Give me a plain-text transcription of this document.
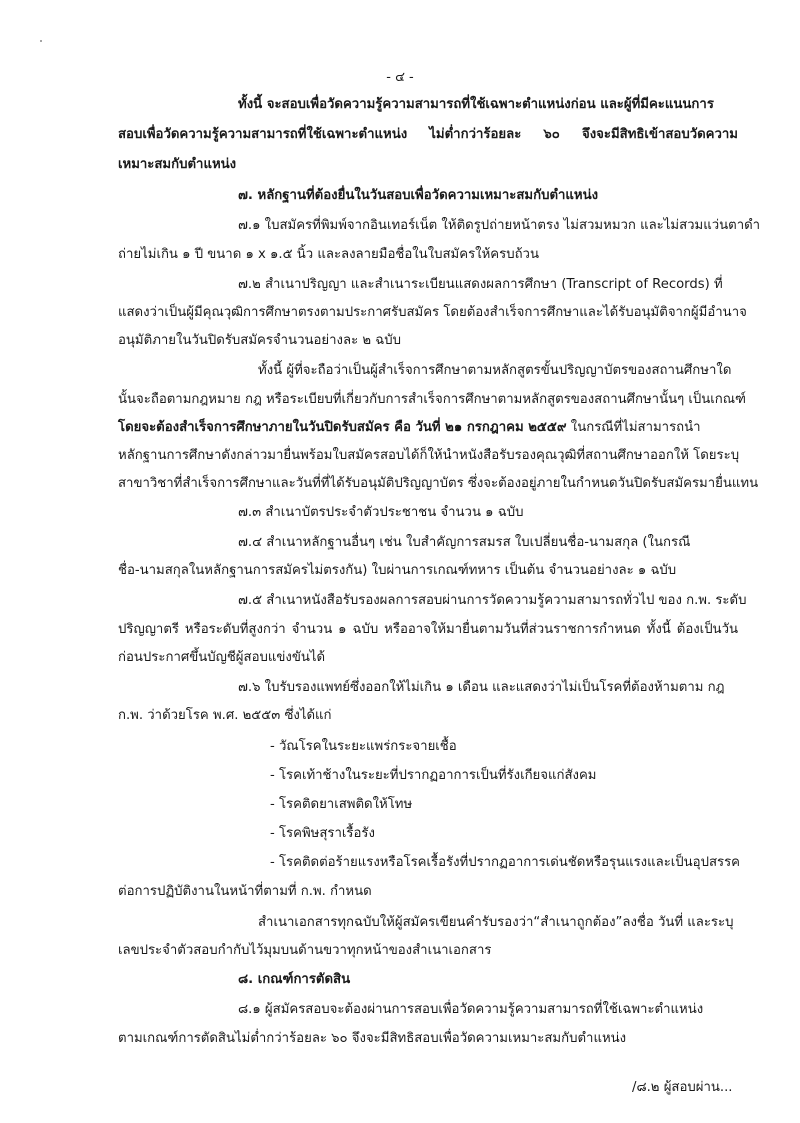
- ๔ -
ทั้งนี้ จะสอบเพื่อวัดความรู้ความสามารถที่ใช้เฉพาะตำแหน่งก่อน และผู้ที่มีคะแนนการ
สอบเพื่อวัดความรู้ความสามารถที่ใช้เฉพาะตำแหน่ง ไม่ต่ำกว่าร้อยละ ๖๐ จึงจะมีสิทธิเข้าสอบวัดความ
เหมาะสมกับตำแหน่ง
๗. หลักฐานที่ต้องยื่นในวันสอบเพื่อวัดความเหมาะสมกับตำแหน่ง
๗.๑ ใบสมัครที่พิมพ์จากอินเทอร์เน็ต ให้ติดรูปถ่ายหน้าตรง ไม่สวมหมวก และไม่สวมแว่นตาดำ
ถ่ายไม่เกิน ๑ ปี ขนาด ๑ x ๑.๕ นิ้ว และลงลายมือชื่อในใบสมัครให้ครบถ้วน
๗.๒ สำเนาปริญญา และสำเนาระเบียนแสดงผลการศึกษา (Transcript of Records) ที่
แสดงว่าเป็นผู้มีคุณวุฒิการศึกษาตรงตามประกาศรับสมัคร โดยต้องสำเร็จการศึกษาและได้รับอนุมัติจากผู้มีอำนาจ
อนุมัติภายในวันปิดรับสมัครจำนวนอย่างละ ๒ ฉบับ
ทั้งนี้ ผู้ที่จะถือว่าเป็นผู้สำเร็จการศึกษาตามหลักสูตรขั้นปริญญาบัตรของสถานศึกษาใด
นั้นจะถือตามกฎหมาย กฎ หรือระเบียบที่เกี่ยวกับการสำเร็จการศึกษาตามหลักสูตรของสถานศึกษานั้นๆ เป็นเกณฑ์
โดยจะต้องสำเร็จการศึกษาภายในวันปิดรับสมัคร คือ วันที่ ๒๑ กรกฎาคม ๒๕๕๙ ในกรณีที่ไม่สามารถนำ
หลักฐานการศึกษาดังกล่าวมายื่นพร้อมใบสมัครสอบได้ก็ให้นำหนังสือรับรองคุณวุฒิที่สถานศึกษาออกให้ โดยระบุ
สาขาวิชาที่สำเร็จการศึกษาและวันที่ที่ได้รับอนุมัติปริญญาบัตร ซึ่งจะต้องอยู่ภายในกำหนดวันปิดรับสมัครมายื่นแทน
๗.๓ สำเนาบัตรประจำตัวประชาชน จำนวน ๑ ฉบับ
๗.๔ สำเนาหลักฐานอื่นๆ เช่น ใบสำคัญการสมรส ใบเปลี่ยนชื่อ-นามสกุล (ในกรณี
ชื่อ-นามสกุลในหลักฐานการสมัครไม่ตรงกัน) ใบผ่านการเกณฑ์ทหาร เป็นต้น จำนวนอย่างละ ๑ ฉบับ
๗.๕ สำเนาหนังสือรับรองผลการสอบผ่านการวัดความรู้ความสามารถทั่วไป ของ ก.พ. ระดับ
ปริญญาตรี หรือระดับที่สูงกว่า จำนวน ๑ ฉบับ หรืออาจให้มายื่นตามวันที่ส่วนราชการกำหนด ทั้งนี้ ต้องเป็นวัน
ก่อนประกาศขึ้นบัญชีผู้สอบแข่งขันได้
๗.๖ ใบรับรองแพทย์ซึ่งออกให้ไม่เกิน ๑ เดือน และแสดงว่าไม่เป็นโรคที่ต้องห้ามตาม กฎ
ก.พ. ว่าด้วยโรค พ.ศ. ๒๕๕๓ ซึ่งได้แก่
- วัณโรคในระยะแพร่กระจายเชื้อ
- โรคเท้าช้างในระยะที่ปรากฏอาการเป็นที่รังเกียจแก่สังคม
- โรคติดยาเสพติดให้โทษ
- โรคพิษสุราเรื้อรัง
- โรคติดต่อร้ายแรงหรือโรคเรื้อรังที่ปรากฏอาการเด่นชัดหรือรุนแรงและเป็นอุปสรรค
ต่อการปฏิบัติงานในหน้าที่ตามที่ ก.พ. กำหนด
สำเนาเอกสารทุกฉบับให้ผู้สมัครเขียนคำรับรองว่า“สำเนาถูกต้อง”ลงชื่อ วันที่ และระบุ
เลขประจำตัวสอบกำกับไว้มุมบนด้านขวาทุกหน้าของสำเนาเอกสาร
๘. เกณฑ์การตัดสิน
๘.๑ ผู้สมัครสอบจะต้องผ่านการสอบเพื่อวัดความรู้ความสามารถที่ใช้เฉพาะตำแหน่ง
ตามเกณฑ์การตัดสินไม่ต่ำกว่าร้อยละ ๖๐ จึงจะมีสิทธิสอบเพื่อวัดความเหมาะสมกับตำแหน่ง
/๘.๒ ผู้สอบผ่าน...
